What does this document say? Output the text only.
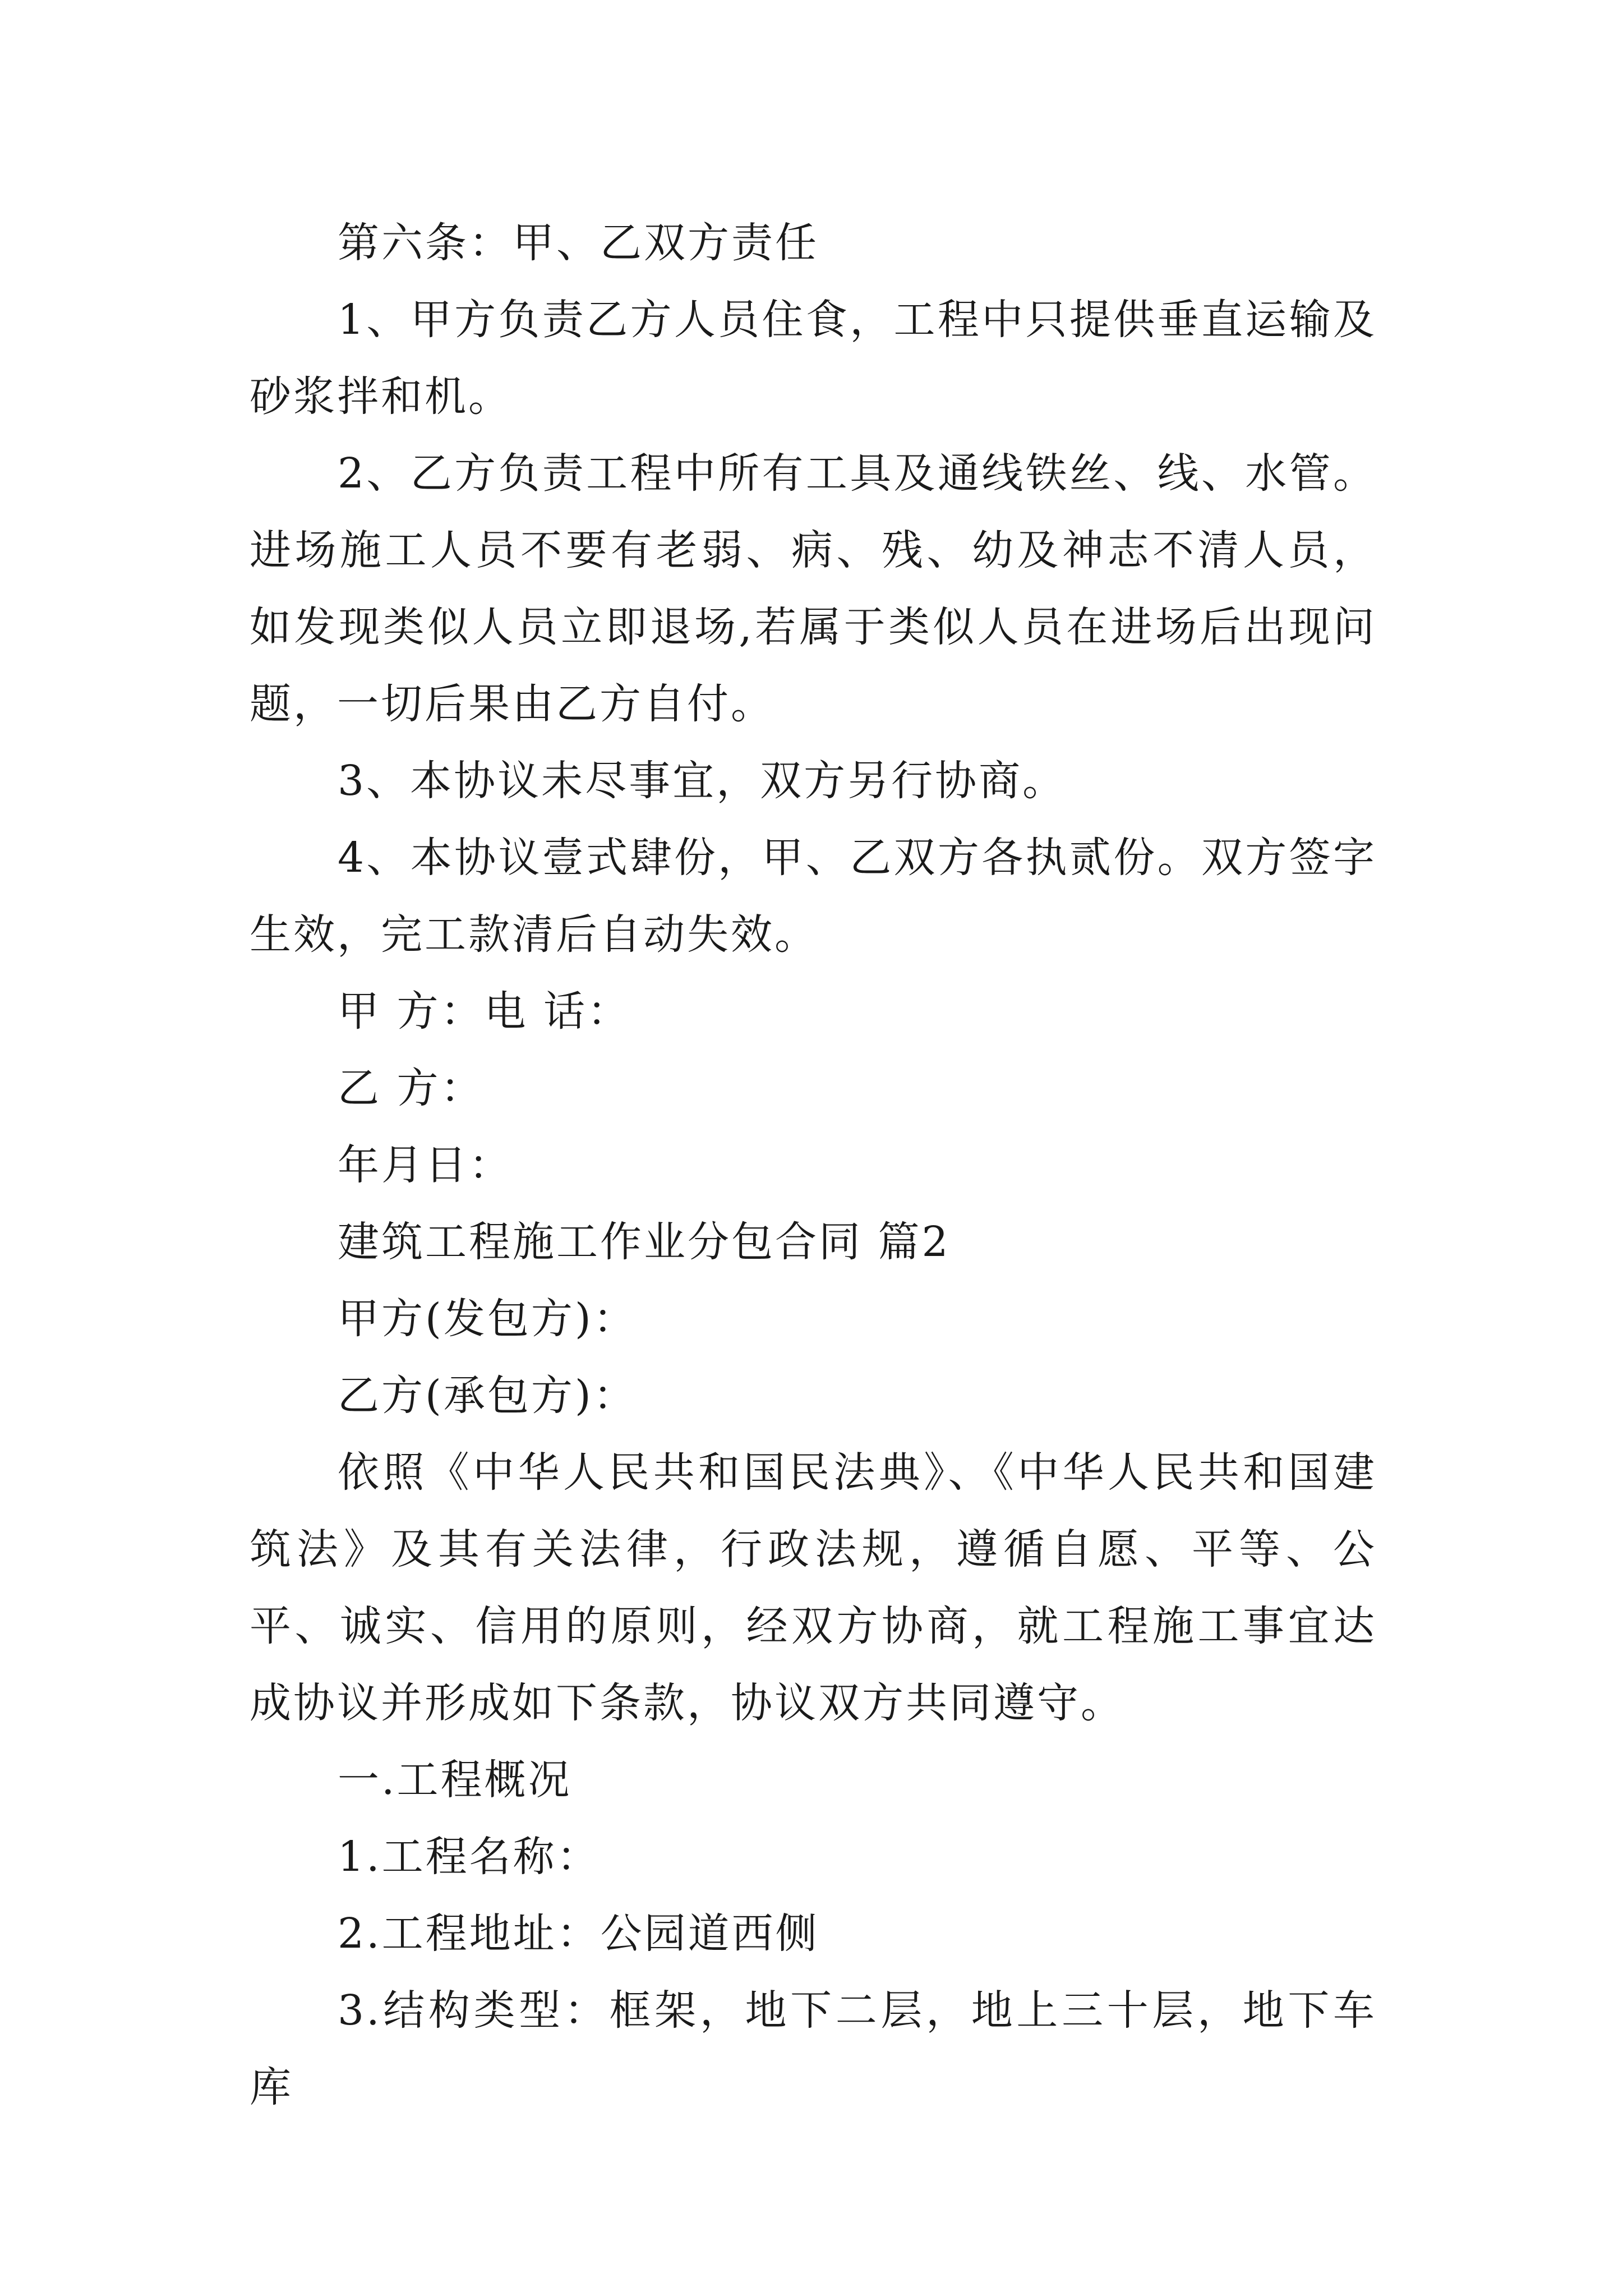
第六条：甲、乙双方责任

1、甲方负责乙方人员住食，工程中只提供垂直运输及砂浆拌和机。

2、乙方负责工程中所有工具及通线铁丝、线、水管。进场施工人员不要有老弱、病、残、幼及神志不清人员，如发现类似人员立即退场,若属于类似人员在进场后出现问题，一切后果由乙方自付。

3、本协议未尽事宜，双方另行协商。

4、本协议壹式肆份，甲、乙双方各执贰份。双方签字生效，完工款清后自动失效。

甲 方：电 话：

乙 方：

年月日：

建筑工程施工作业分包合同 篇2

甲方(发包方)：

乙方(承包方)：

依照《中华人民共和国民法典》、《中华人民共和国建筑法》及其有关法律，行政法规，遵循自愿、平等、公平、诚实、信用的原则，经双方协商，就工程施工事宜达成协议并形成如下条款，协议双方共同遵守。

一.工程概况

1.工程名称：

2.工程地址：公园道西侧

3.结构类型：框架，地下二层，地上三十层，地下车库
